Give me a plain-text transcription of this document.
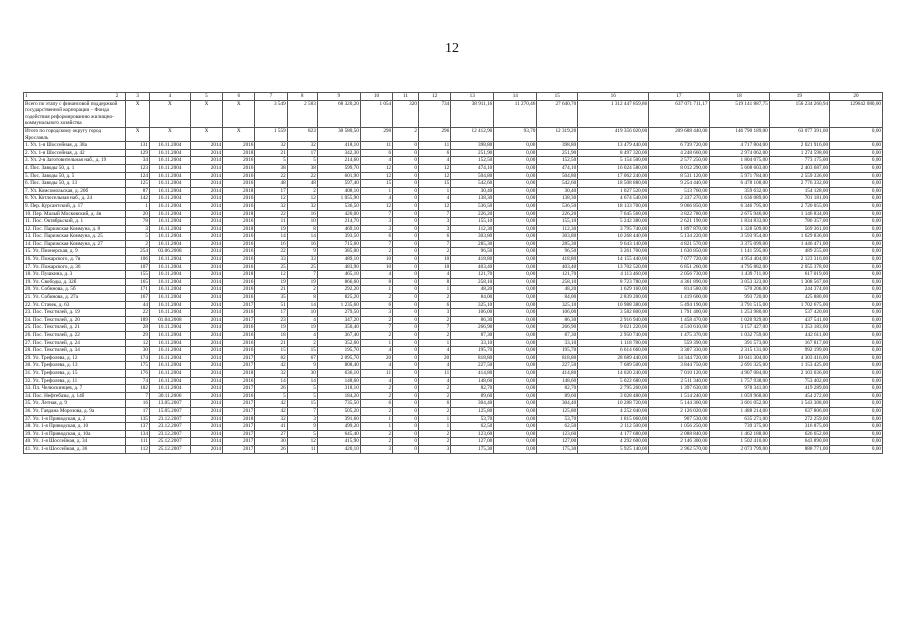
12
1 2	3	4	5	6	7	8	9	10	11	12	13	14	15	16	17	18	19	20
Всего по этапу с финансовой поддержкой государственной корпорации – Фонда содействия реформированию жилищно-коммунального хозяйства	X	X	X	X	3 549	2 583	68 320,20	1 054	320	734	38 911,16	11 270,46	27 640,70	1 312 447 859,86	637 071 711,17	519 141 887,75	156 234 260,94	129642 080,00
Итого по городскому округу город Ярославль	X	X	X	X	1 559	823	30 580,50	298	2	296	12 412,90	93,70	12 319,20	419 356 020,00	209 688 440,00	146 790 189,00	63 077 391,00	0,00
1. Ул. 1-я Шоссейная, д. 38а	131	16.11.2004	2014	2016	32	32	418,10	11	0	11	398,80	0,00	398,80	13 479 440,00	6 739 720,00	4 717 804,00	2 021 916,00	0,00
2. Ул. 1-я Шоссейная, д. 42	129	16.11.2004	2014	2018	21	17	342,30	6	0	6	251,90	0,00	251,90	8 497 320,00	4 248 660,00	2 974 062,00	1 274 598,00	0,00
3. Ул. 2-я Заготовительная наб., д. 19	34	16.11.2004	2014	2016	5	5	214,60	4	0	4	152,50	0,00	152,50	5 154 500,00	2 577 250,00	1 804 075,00	773 175,00	0,00
4. Пос. Заводы 50, д. 1	123	16.11.2004	2014	2016	38	38	599,70	12	0	12	474,10	0,00	474,10	16 024 580,00	8 012 290,00	5 608 603,00	2 403 687,00	0,00
5. Пос. Заводы 50, д. 5	124	16.11.2004	2014	2016	22	22	601,90	12	0	12	504,80	0,00	504,80	17 062 240,00	8 531 120,00	5 971 784,00	2 559 336,00	0,00
6. Пос. Заводы 50, д. 13	125	16.11.2004	2014	2016	48	48	597,40	15	0	15	542,60	0,00	542,60	18 508 880,00	9 254 440,00	6 478 108,00	2 776 332,00	0,00
7. Ул. Комсомольская, д. 20б	87	16.11.2004	2014	2018	17	2	408,10	1	0	1	30,40	0,00	30,40	1 027 520,00	513 760,00	359 632,00	154 128,00	0,00
8. Ул. Котлосельная наб., д. 24	142	16.11.2004	2014	2016	12	12	1 055,90	4	0	4	138,30	0,00	138,30	4 674 540,00	2 337 270,00	1 636 089,00	701 181,00	0,00
9. Пер. Курсантский, д. 17	1	16.11.2004	2014	2016	32	32	536,50	12	0	12	536,50	0,00	536,50	18 133 700,00	9 066 850,00	6 346 795,00	2 720 055,00	0,00
10. Пер. Малый Московский, д. 4в	20	16.11.2004	2014	2018	22	16	420,00	7	0	7	226,20	0,00	226,20	7 645 560,00	3 822 780,00	2 675 946,00	1 146 834,00	0,00
11. Пос. Октябрьский, д. 1	78	16.11.2004	2014	2016	11	10	214,70	3	0	3	155,10	0,00	155,10	5 242 380,00	2 621 190,00	1 834 833,00	786 357,00	0,00
12. Пос. Парижская Коммуна, д. 8	3	16.11.2004	2014	2018	19	8	469,10	3	0	3	112,30	0,00	112,30	3 795 740,00	1 897 870,00	1 328 509,00	569 361,00	0,00
13. Пос. Парижская Коммуна, д. 25	5	16.11.2004	2014	2016	14	14	393,50	6	0	6	303,80	0,00	303,80	10 268 440,00	5 134 220,00	3 593 954,00	1 629 836,00	0,00
14. Пос. Парижская Коммуна, д. 27	2	16.11.2004	2014	2016	16	16	715,60	7	0	7	285,30	0,00	285,30	9 643 140,00	4 821 570,00	3 375 099,00	1 446 471,00	0,00
15. Ул. Пионерская, д. 9	254	03.06.2008	2014	2016	22	9	385,00	2	0	2	96,50	0,00	96,50	3 261 700,00	1 630 850,00	1 141 595,00	489 255,00	0,00
16. Ул. Пожарского, д. 7в	106	16.11.2004	2014	2016	33	33	489,10	10	0	10	418,80	0,00	418,80	14 155 440,00	7 077 720,00	4 954 404,00	2 123 316,00	0,00
17. Ул. Пожарского, д. 36	107	16.11.2004	2014	2016	25	25	483,90	10	0	10	403,40	0,00	403,40	13 702 520,00	6 851 260,00	4 795 882,00	2 055 378,00	0,00
18. Ул. Пушкина, д. 3	155	16.11.2004	2014	2018	12	7	465,10	4	0	4	121,70	0,00	121,70	4 113 460,00	2 056 730,00	1 439 711,00	617 019,00	0,00
19. Ул. Свободы, д. 32б	165	16.11.2004	2014	2016	19	19	866,60	8	0	8	258,10	0,00	258,10	8 723 780,00	4 361 890,00	3 053 323,00	1 308 567,00	0,00
20. Ул. Собинова, д. 5б	171	16.11.2004	2014	2016	21	2	292,20	1	0	1	48,20	0,00	48,20	1 629 160,00	814 580,00	570 206,00	244 374,00	0,00
21. Ул. Собинова, д. 27а	167	16.11.2004	2014	2016	35	8	825,20	2	0	2	84,00	0,00	84,00	2 839 200,00	1 419 600,00	993 720,00	425 880,00	0,00
22. Ул. Стачек, д. 63	44	16.11.2004	2014	2017	51	14	1 235,60	6	0	6	325,10	0,00	325,10	10 988 380,00	5 494 190,00	3 791 515,00	1 702 675,00	0,00
23. Пос. Текстилей, д. 19	22	16.11.2004	2014	2016	17	10	279,50	3	0	3	106,00	0,00	106,00	3 582 800,00	1 791 400,00	1 253 980,00	537 420,00	0,00
24. Пос. Текстилей, д. 20	189	01.04.2008	2014	2017	23	4	347,20	2	0	2	86,30	0,00	86,30	2 916 940,00	1 458 470,00	1 020 929,00	437 541,00	0,00
25. Пос. Текстилей, д. 21	28	16.11.2004	2014	2016	19	19	350,40	7	0	7	266,90	0,00	266,90	9 021 220,00	4 510 610,00	3 157 427,00	1 353 183,00	0,00
26. Пос. Текстилей, д. 22	29	16.11.2004	2014	2016	18	4	367,40	2	0	2	87,30	0,00	87,30	2 950 740,00	1 475 370,00	1 032 759,00	442 611,00	0,00
27. Пос. Текстилей, д. 24	12	16.11.2004	2014	2016	21	2	352,60	1	0	1	33,10	0,00	33,10	1 118 780,00	559 390,00	391 573,00	167 817,00	0,00
28. Пос. Текстилей, д. 34	30	16.11.2004	2014	2016	15	15	195,70	4	0	4	195,70	0,00	195,70	6 614 660,00	3 307 330,00	2 315 131,00	992 199,00	0,00
29. Ул. Трефолева, д. 12	174	16.11.2004	2014	2017	82	67	2 095,70	20	0	20	818,80	0,00	818,80	28 689 440,00	14 344 720,00	10 041 304,00	4 303 416,00	0,00
30. Ул. Трефолева, д. 13	175	16.11.2004	2014	2017	42	9	808,40	4	0	4	227,50	0,00	227,50	7 689 500,00	3 844 750,00	2 691 325,00	1 153 425,00	0,00
31. Ул. Трефолева, д. 15	176	16.11.2004	2014	2018	32	30	636,10	11	0	11	414,80	0,00	414,80	14 020 240,00	7 010 120,00	4 907 084,00	2 103 036,00	0,00
32. Ул. Трефолева, д. 11	74	16.11.2004	2014	2016	14	14	148,60	4	0	4	148,60	0,00	148,60	5 022 680,00	2 511 340,00	1 757 938,00	753 402,00	0,00
33. Пл. Челюскинцев, д. 7	182	16.11.2004	2014	2017	26	5	318,10	2	0	2	82,70	0,00	82,70	2 795 260,00	1 397 630,00	978 341,00	419 289,00	0,00
34. Пос. Нефтебазы, д. 14б	7	30.11.2006	2014	2016	5	5	184,20	2	0	2	89,60	0,00	89,60	3 028 480,00	1 514 240,00	1 059 968,00	454 272,00	0,00
35. Ул. Летная, д. 9	16	13.05.2007	2014	2017	42	15	735,50	6	0	6	304,40	0,00	304,40	10 288 720,00	5 144 360,00	3 601 052,00	1 543 308,00	0,00
36. Ул. Гавдана Морозова, д. 9а	17	15.05.2007	2014	2017	42	7	505,20	2	0	2	125,80	0,00	125,80	4 252 040,00	2 126 020,00	1 488 214,00	637 806,00	0,00
37. Ул. 1-я Приводская, д. 2	135	23.12.2007	2014	2018	32	3	391,60	1	0	1	53,70	0,00	53,70	1 815 060,00	907 530,00	635 271,00	272 259,00	0,00
38. Ул. 1-я Приводская, д. 10	137	23.12.2007	2014	2017	41	9	499,20	1	0	1	62,50	0,00	62,50	2 112 500,00	1 056 250,00	739 375,00	316 875,00	0,00
39. Ул. 1-я Приводская, д. 10а	134	23.12.2007	2014	2017	27	5	645,40	2	0	2	123,60	0,00	123,60	4 177 680,00	2 088 840,00	1 462 188,00	626 652,00	0,00
40. Ул. 1-я Шоссейная, д. 34	111	25.12.2007	2014	2017	30	12	415,90	2	0	2	127,00	0,00	127,00	4 292 600,00	2 146 300,00	1 502 410,00	643 890,00	0,00
41. Ул. 1-я Шоссейная, д. 36	112	25.12.2007	2014	2017	26	11	420,10	3	0	3	175,30	0,00	175,30	5 925 140,00	2 962 570,00	2 073 799,00	888 771,00	0,00
